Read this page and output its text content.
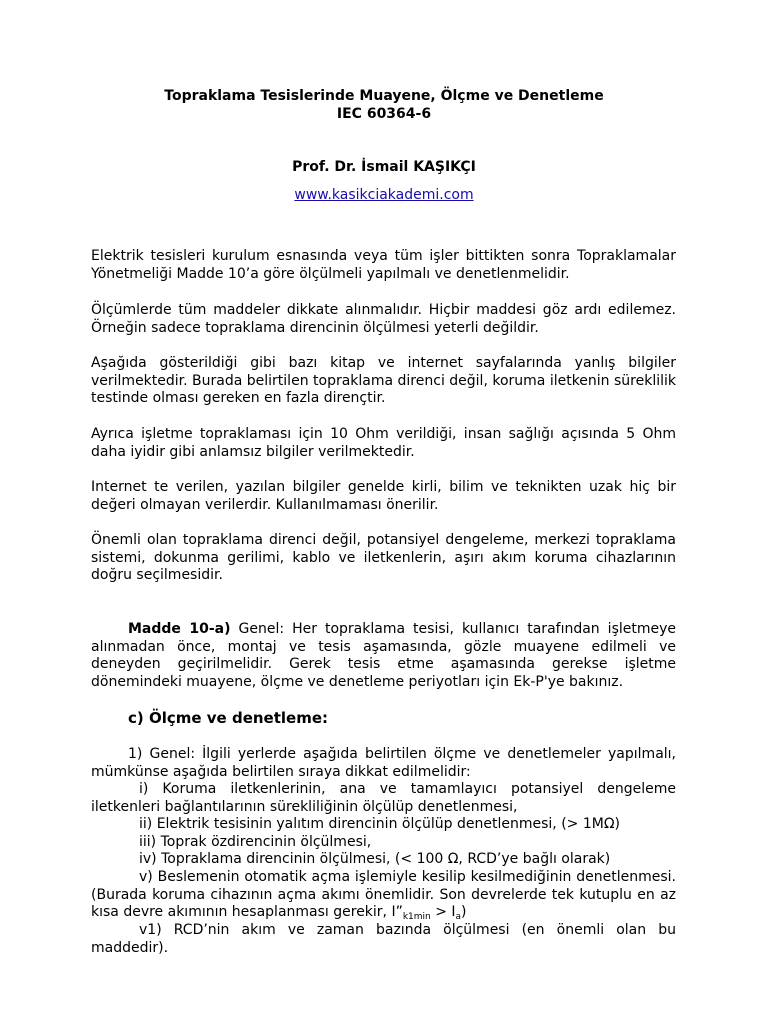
Topraklama Tesislerinde Muayene, Ölçme ve Denetleme
IEC 60364-6
Prof. Dr. İsmail KAŞIKÇI
www.kasikciakademi.com

Elektrik tesisleri kurulum esnasında veya tüm işler bittikten sonra Topraklamalar Yönetmeliği Madde 10’a göre ölçülmeli yapılmalı ve denetlenmelidir.

Ölçümlerde tüm maddeler dikkate alınmalıdır. Hiçbir maddesi göz ardı edilemez. Örneğin sadece topraklama direncinin ölçülmesi yeterli değildir.

Aşağıda gösterildiği gibi bazı kitap ve internet sayfalarında yanlış bilgiler verilmektedir. Burada belirtilen topraklama direnci değil, koruma iletkenin süreklilik testinde olması gereken en fazla dirençtir.

Ayrıca işletme topraklaması için 10 Ohm verildiği, insan sağlığı açısında 5 Ohm daha iyidir gibi anlamsız bilgiler verilmektedir.

Internet te verilen, yazılan bilgiler genelde kirli, bilim ve teknikten uzak hiç bir değeri olmayan verilerdir. Kullanılmaması önerilir.

Önemli olan topraklama direnci değil, potansiyel dengeleme, merkezi topraklama sistemi, dokunma gerilimi, kablo ve iletkenlerin, aşırı akım koruma cihazlarının doğru seçilmesidir.

Madde 10-a) Genel: Her topraklama tesisi, kullanıcı tarafından işletmeye alınmadan önce, montaj ve tesis aşamasında, gözle muayene edilmeli ve deneyden geçirilmelidir. Gerek tesis etme aşamasında gerekse işletme dönemindeki muayene, ölçme ve denetleme periyotları için Ek-P'ye bakınız.

c) Ölçme ve denetleme:

1) Genel: İlgili yerlerde aşağıda belirtilen ölçme ve denetlemeler yapılmalı, mümkünse aşağıda belirtilen sıraya dikkat edilmelidir:

i) Koruma iletkenlerinin, ana ve tamamlayıcı potansiyel dengeleme iletkenleri bağlantılarının sürekliliğinin ölçülüp denetlenmesi,

ii) Elektrik tesisinin yalıtım direncinin ölçülüp denetlenmesi, (> 1MΩ)

iii) Toprak özdirencinin ölçülmesi,

iv) Topraklama direncinin ölçülmesi, (< 100 Ω, RCD’ye bağlı olarak)

v) Beslemenin otomatik açma işlemiyle kesilip kesilmediğinin denetlenmesi. (Burada koruma cihazının açma akımı önemlidir. Son devrelerde tek kutuplu en az kısa devre akımının hesaplanması gerekir, $I”_{k1min} > I_a$)

v1) RCD’nin akım ve zaman bazında ölçülmesi (en önemli olan bu maddedir).
